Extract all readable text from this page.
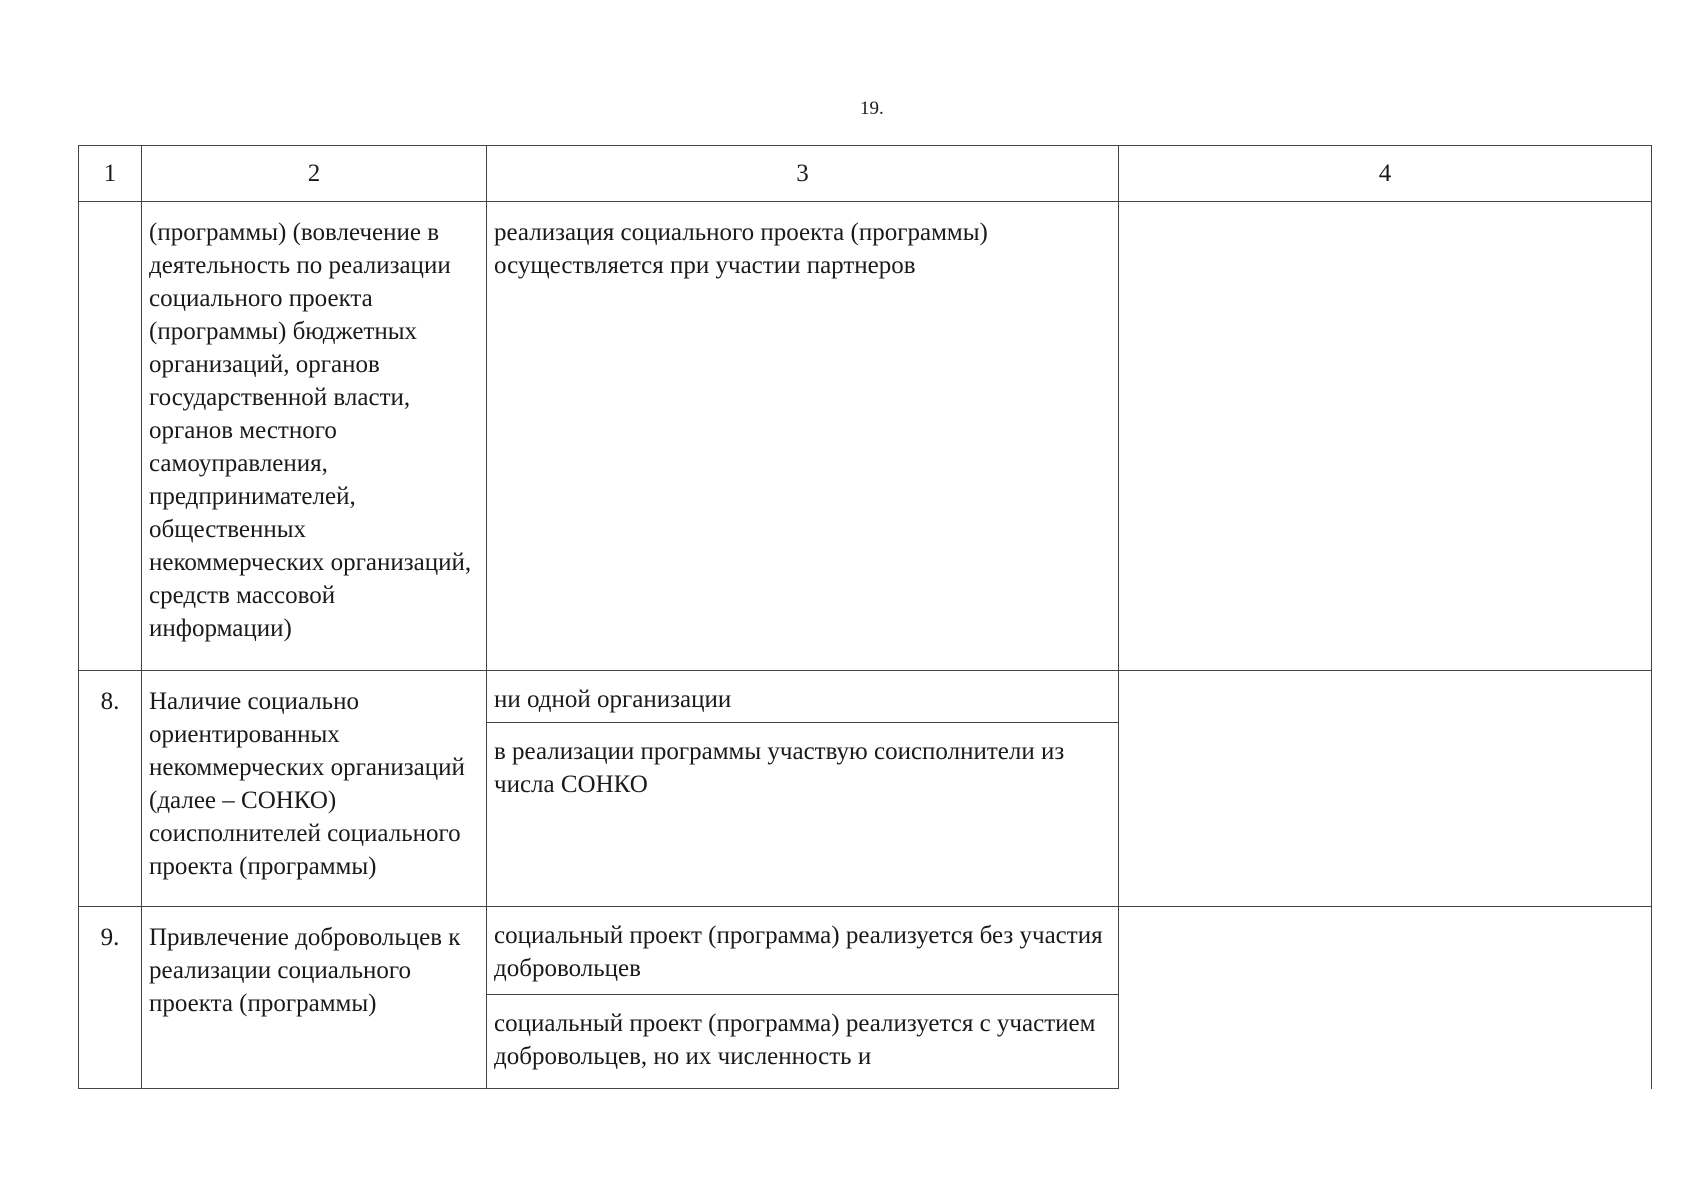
19.
1	2	3	4
	(программы) (вовлечение в деятельность по реализации социального проекта (программы) бюджетных организаций, органов государственной власти, органов местного самоуправления, предпринимателей, общественных некоммерческих организаций, средств массовой информации)	реализация социального проекта (программы) осуществляется при участии партнеров	
8.	Наличие социально ориентированных некоммерческих организаций (далее – СОНКО) соисполнителей социального проекта (программы)	ни одной организации	
		в реализации программы участвую соисполнители из числа СОНКО	
9.	Привлечение добровольцев к реализации социального проекта (программы)	социальный проект (программа) реализуется без участия добровольцев	
		социальный проект (программа) реализуется с участием добровольцев, но их численность и	
